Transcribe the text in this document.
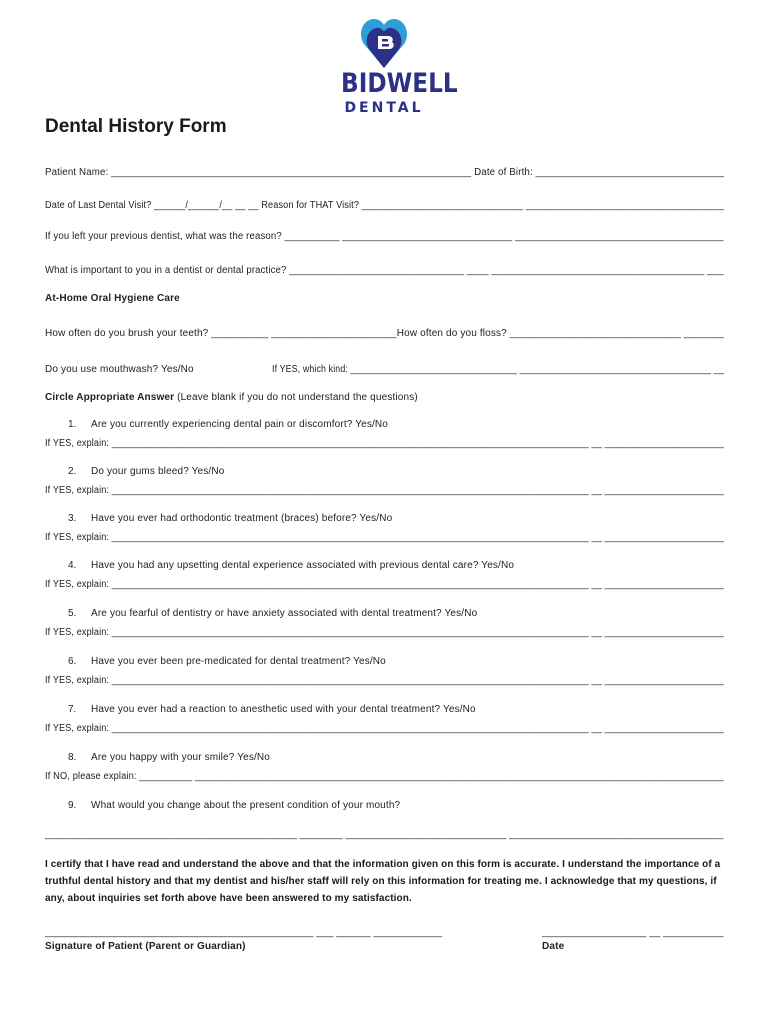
BIDWELL
DENTAL
Dental History Form
Patient Name: _________________________________________________________________ Date of Birth: __________________________________
Date of Last Dental Visit? ______/______/__ __ __ Reason for THAT Visit? _______________________________ ______________________________________
If you left your previous dentist, what was the reason? __________ _______________________________ ______________________________________
What is important to you in a dentist or dental practice? ________________________________ ____ _______________________________________ ___
At-Home Oral Hygiene Care
How often do you brush your teeth? __________ ______________________How often do you floss? ______________________________ _______
Do you use mouthwash? Yes/No	If YES, which kind: _________________________________ ______________________________________ __
Circle Appropriate Answer (Leave blank if you do not understand the questions)
1. Are you currently experiencing dental pain or discomfort? Yes/No
If YES, explain: ____________________________________________________________________________________________ __ _______________________
2. Do your gums bleed? Yes/No
If YES, explain: ____________________________________________________________________________________________ __ _______________________
3. Have you ever had orthodontic treatment (braces) before? Yes/No
If YES, explain: ____________________________________________________________________________________________ __ _______________________
4. Have you had any upsetting dental experience associated with previous dental care? Yes/No
If YES, explain: ____________________________________________________________________________________________ __ _______________________
5. Are you fearful of dentistry or have anxiety associated with dental treatment? Yes/No
If YES, explain: ____________________________________________________________________________________________ __ _______________________
6. Have you ever been pre-medicated for dental treatment? Yes/No
If YES, explain: ____________________________________________________________________________________________ __ _______________________
7. Have you ever had a reaction to anesthetic used with your dental treatment? Yes/No
If YES, explain: ____________________________________________________________________________________________ __ _______________________
8. Are you happy with your smile? Yes/No
If NO, please explain: __________ ____________________________________________________________________________________________________
9. What would you change about the present condition of your mouth?
_______________________________________________ ________ ______________________________ ________________________________________
I certify that I have read and understand the above and that the information given on this form is accurate. I understand the importance of a truthful dental history and that my dentist and his/her staff will rely on this information for treating me. I acknowledge that my questions, if any, about inquiries set forth above have been answered to my satisfaction.
_______________________________________________ ___ ______ ____________
Signature of Patient (Parent or Guardian)
___________________ __ ___________
Date
